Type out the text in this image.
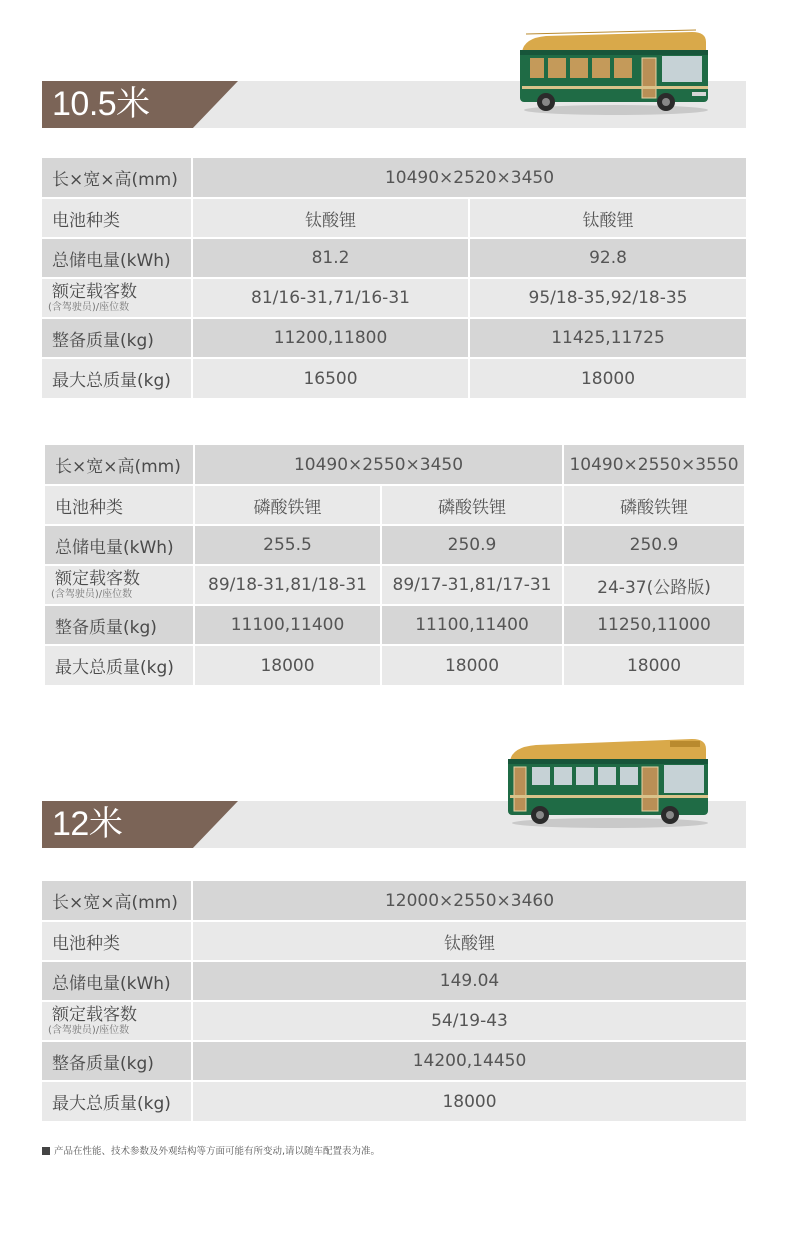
10.5米
长×宽×高(mm)	10490×2520×3450	
电池种类	钛酸锂	钛酸锂
总储电量(kWh)	81.2	92.8

额定载客数
(含驾驶员)/座位数	81/16-31,71/16-31	95/18-35,92/18-35
整备质量(kg)	11200,11800	11425,11725
最大总质量(kg)	16500	18000
长×宽×高(mm)	10490×2550×3450		10490×2550×3550
电池种类	磷酸铁锂	磷酸铁锂	磷酸铁锂
总储电量(kWh)	255.5	250.9	250.9

额定载客数
(含驾驶员)/座位数	89/18-31,81/18-31	89/17-31,81/17-31	24-37(公路版)
整备质量(kg)	11100,11400	11100,11400	11250,11000
最大总质量(kg)	18000	18000	18000
12米
长×宽×高(mm)	12000×2550×3460
电池种类	钛酸锂
总储电量(kWh)	149.04

额定载客数
(含驾驶员)/座位数	54/19-43
整备质量(kg)	14200,14450
最大总质量(kg)	18000
产品在性能、技术参数及外观结构等方面可能有所变动,请以随车配置表为准。
